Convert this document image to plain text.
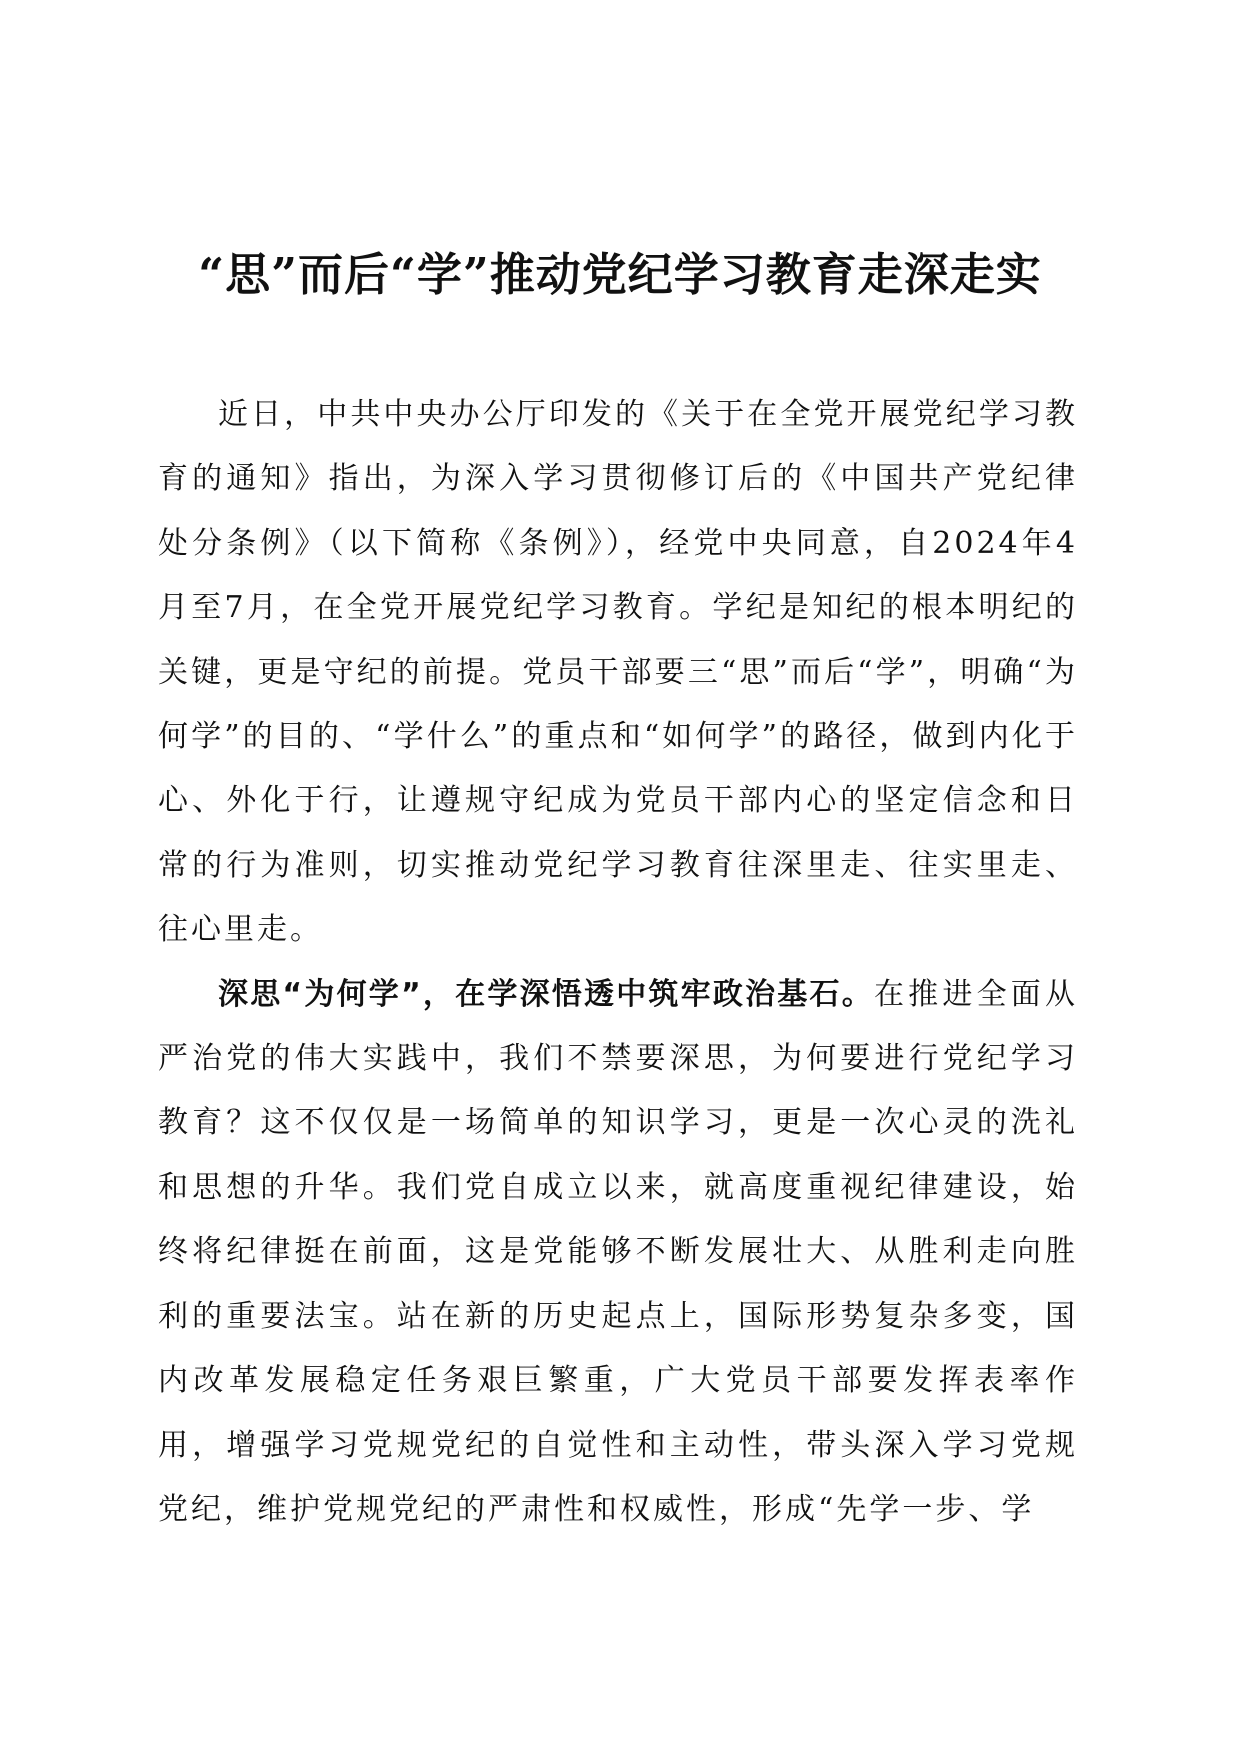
“思”而后“学”推动党纪学习教育走深走实

近日，中共中央办公厅印发的《关于在全党开展党纪学习教育的通知》指出，为深入学习贯彻修订后的《中国共产党纪律处分条例》（以下简称《条例》），经党中央同意，自2024年4月至7月，在全党开展党纪学习教育。学纪是知纪的根本明纪的关键，更是守纪的前提。党员干部要三“思”而后“学”，明确“为何学”的目的、“学什么”的重点和“如何学”的路径，做到内化于心、外化于行，让遵规守纪成为党员干部内心的坚定信念和日常的行为准则，切实推动党纪学习教育往深里走、往实里走、往心里走。

深思“为何学”，在学深悟透中筑牢政治基石。在推进全面从严治党的伟大实践中，我们不禁要深思，为何要进行党纪学习教育？这不仅仅是一场简单的知识学习，更是一次心灵的洗礼和思想的升华。我们党自成立以来，就高度重视纪律建设，始终将纪律挺在前面，这是党能够不断发展壮大、从胜利走向胜利的重要法宝。站在新的历史起点上，国际形势复杂多变，国内改革发展稳定任务艰巨繁重，广大党员干部要发挥表率作用，增强学习党规党纪的自觉性和主动性，带头深入学习党规党纪，维护党规党纪的严肃性和权威性，形成“先学一步、学
